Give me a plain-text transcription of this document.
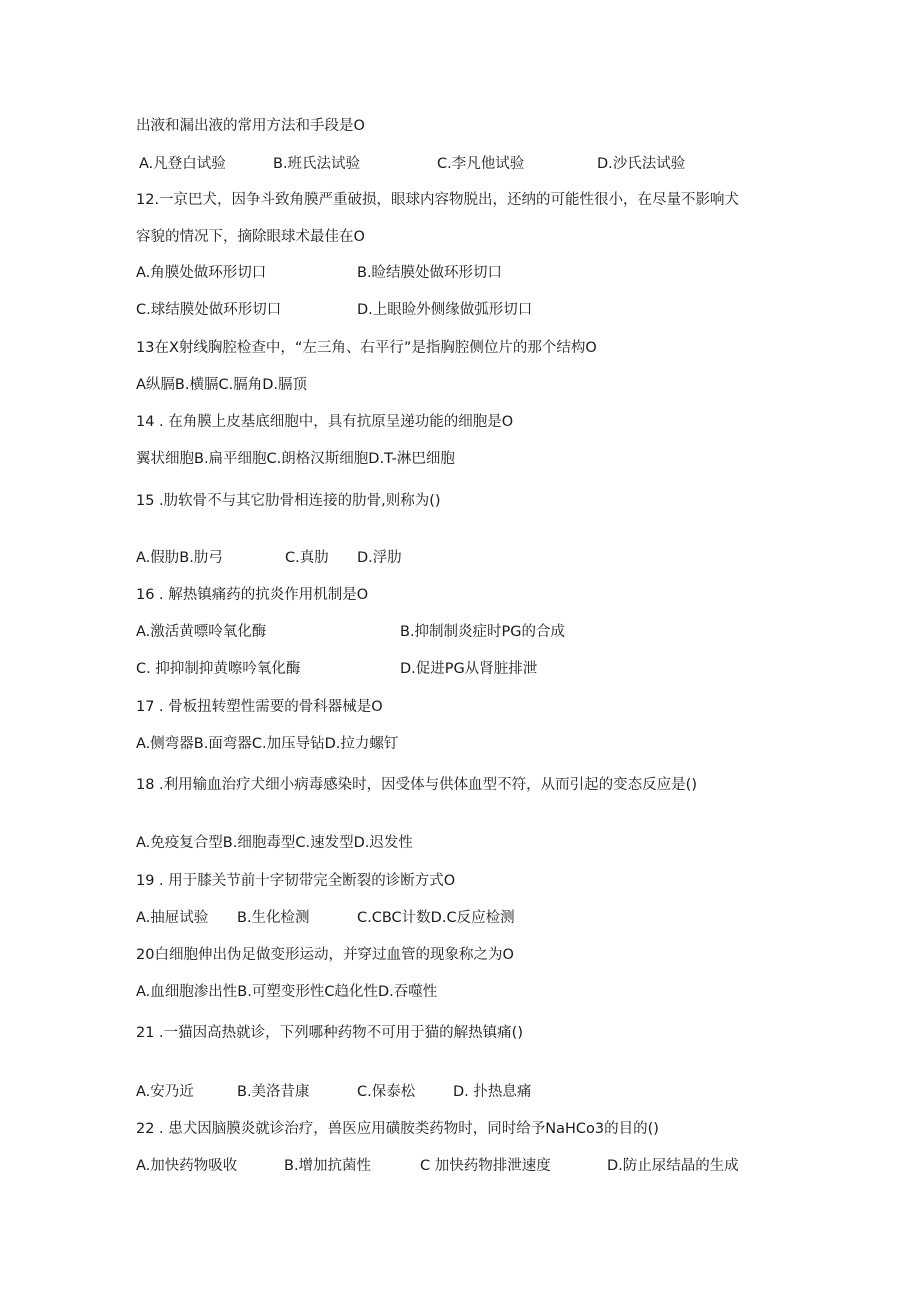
出液和漏出液的常用方法和手段是O
A.凡登白试验	B.班氏法试验	C.李凡他试验	D.沙氏法试验
12.一京巴犬，因争斗致角膜严重破损，眼球内容物脱出，还纳的可能性很小，在尽量不影响犬
容貌的情况下，摘除眼球术最佳在O
A.角膜处做环形切口	B.睑结膜处做环形切口
C.球结膜处做环形切口	D.上眼睑外侧缘做弧形切口
13在X射线胸腔检查中，“左三角、右平行”是指胸腔侧位片的那个结构O
A纵膈B.横膈C.膈角D.膈顶
14 . 在角膜上皮基底细胞中，具有抗原呈递功能的细胞是O
翼状细胞B.扁平细胞C.朗格汉斯细胞D.T-淋巴细胞
15 .肋软骨不与其它肋骨相连接的肋骨,则称为()
A.假肋B.肋弓	C.真肋 D.浮肋
16 . 解热镇痛药的抗炎作用机制是O
A.激活黄嘌呤氧化酶	B.抑制制炎症时PG的合成
C. 抑抑制抑黄嚓吟氧化酶	D.促进PG从肾脏排泄
17 . 骨板扭转塑性需要的骨科器械是O
A.侧弯器B.面弯器C.加压导钻D.拉力螺钉
18 .利用输血治疗犬细小病毒感染时，因受体与供体血型不符，从而引起的变态反应是()
A.免疫复合型B.细胞毒型C.速发型D.迟发性
19 . 用于膝关节前十字韧带完全断裂的诊断方式O
A.抽屉试验 B.生化检测	C.CBC计数D.C反应检测
20白细胞伸出伪足做变形运动，并穿过血管的现象称之为O
A.血细胞渗出性B.可塑变形性C趋化性D.吞噬性
21 .一猫因高热就诊，下列哪种药物不可用于猫的解热镇痛()
A.安乃近	B.美洛昔康	C.保泰松	D. 扑热息痛
22 . 患犬因脑膜炎就诊治疗，兽医应用磺胺类药物时，同时给予NaHCo3的目的()
A.加快药物吸收	B.增加抗菌性	C 加快药物排泄速度	D.防止尿结晶的生成
